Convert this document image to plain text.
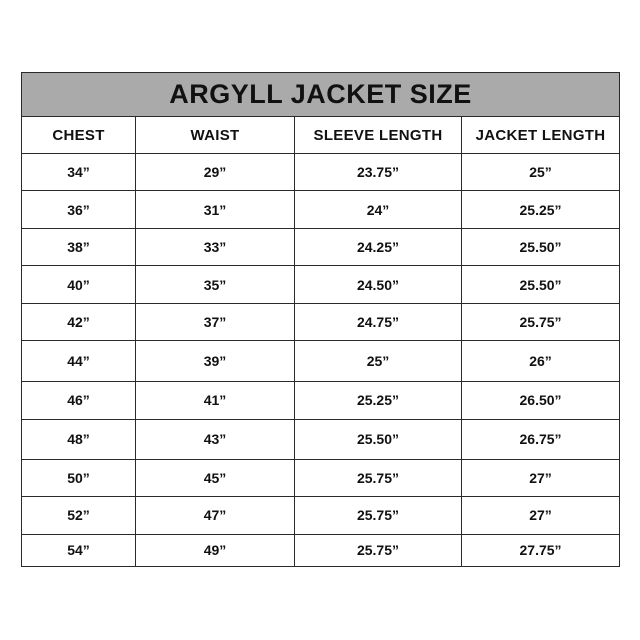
ARGYLL JACKET SIZE			
CHEST	WAIST	SLEEVE LENGTH	JACKET LENGTH
34”	29”	23.75”	25”
36”	31”	24”	25.25”
38”	33”	24.25”	25.50”
40”	35”	24.50”	25.50”
42”	37”	24.75”	25.75”
44”	39”	25”	26”
46”	41”	25.25”	26.50”
48”	43”	25.50”	26.75”
50”	45”	25.75”	27”
52”	47”	25.75”	27”
54”	49”	25.75”	27.75”
